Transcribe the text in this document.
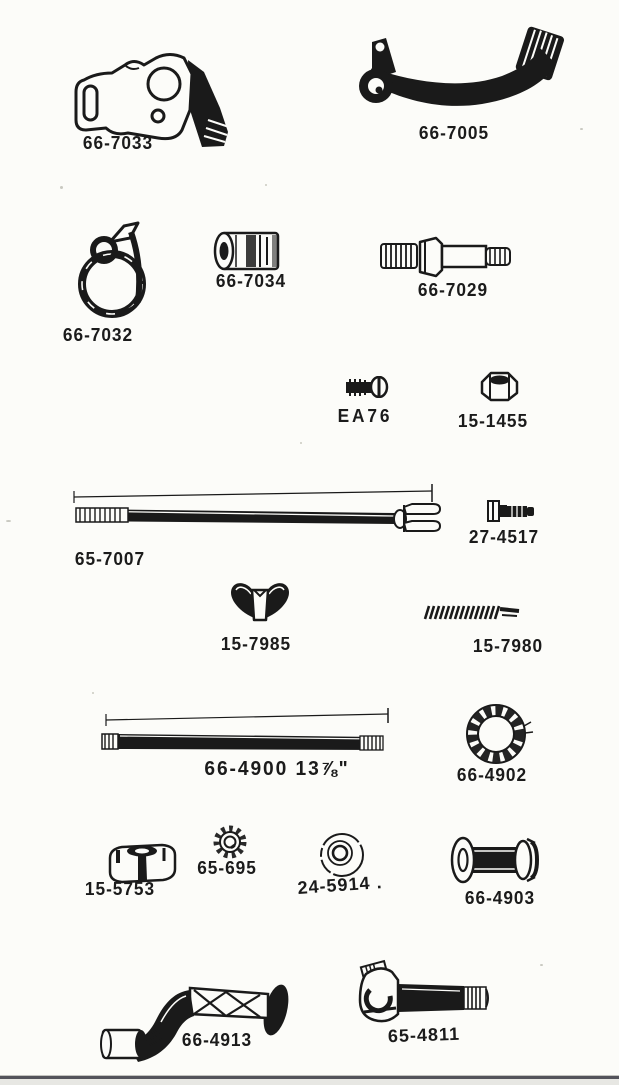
66-7033	66-7005
66-7032
66-7034	66-7029
EA76	15-1455
65-7007
27-4517
15-7985	15-7980
66-4900 13⅞"	66-4902
15-5753
65-695
24-5914 .
66-4903
66-4913	65-4811
